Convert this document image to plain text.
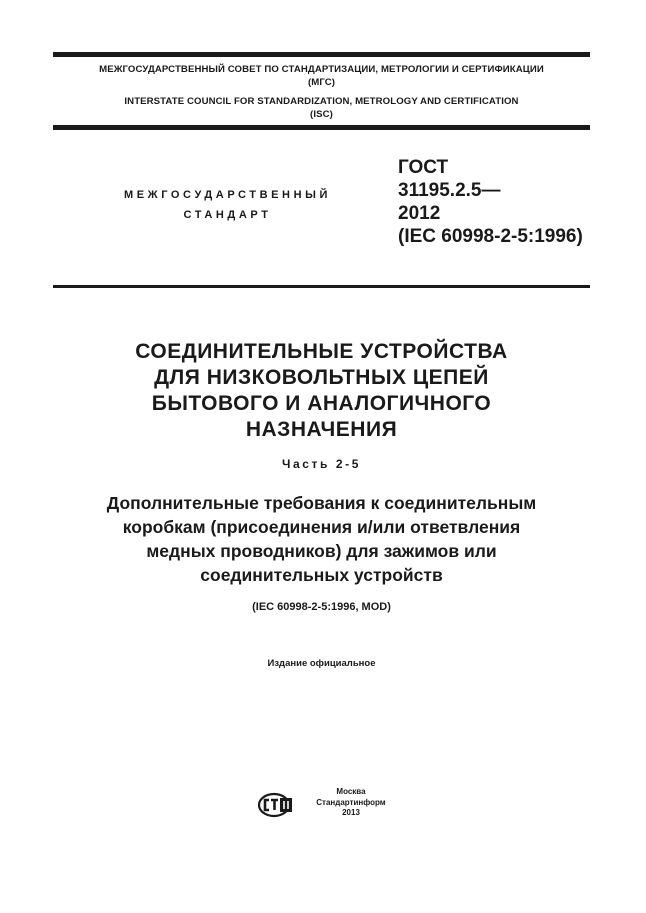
МЕЖГОСУДАРСТВЕННЫЙ СОВЕТ ПО СТАНДАРТИЗАЦИИ, МЕТРОЛОГИИ И СЕРТИФИКАЦИИ
(МГС)
INTERSTATE COUNCIL FOR STANDARDIZATION, METROLOGY AND CERTIFICATION
(ISC)
МЕЖГОСУДАРСТВЕННЫЙ
СТАНДАРТ
ГОСТ
31195.2.5—
2012
(IEC 60998-2-5:1996)
СОЕДИНИТЕЛЬНЫЕ УСТРОЙСТВА
ДЛЯ НИЗКОВОЛЬТНЫХ ЦЕПЕЙ
БЫТОВОГО И АНАЛОГИЧНОГО
НАЗНАЧЕНИЯ
Часть 2-5
Дополнительные требования к соединительным
коробкам (присоединения и/или ответвления
медных проводников) для зажимов или
соединительных устройств
(IEC 60998-2-5:1996, MOD)
Издание официальное
Москва
Стандартинформ
2013
